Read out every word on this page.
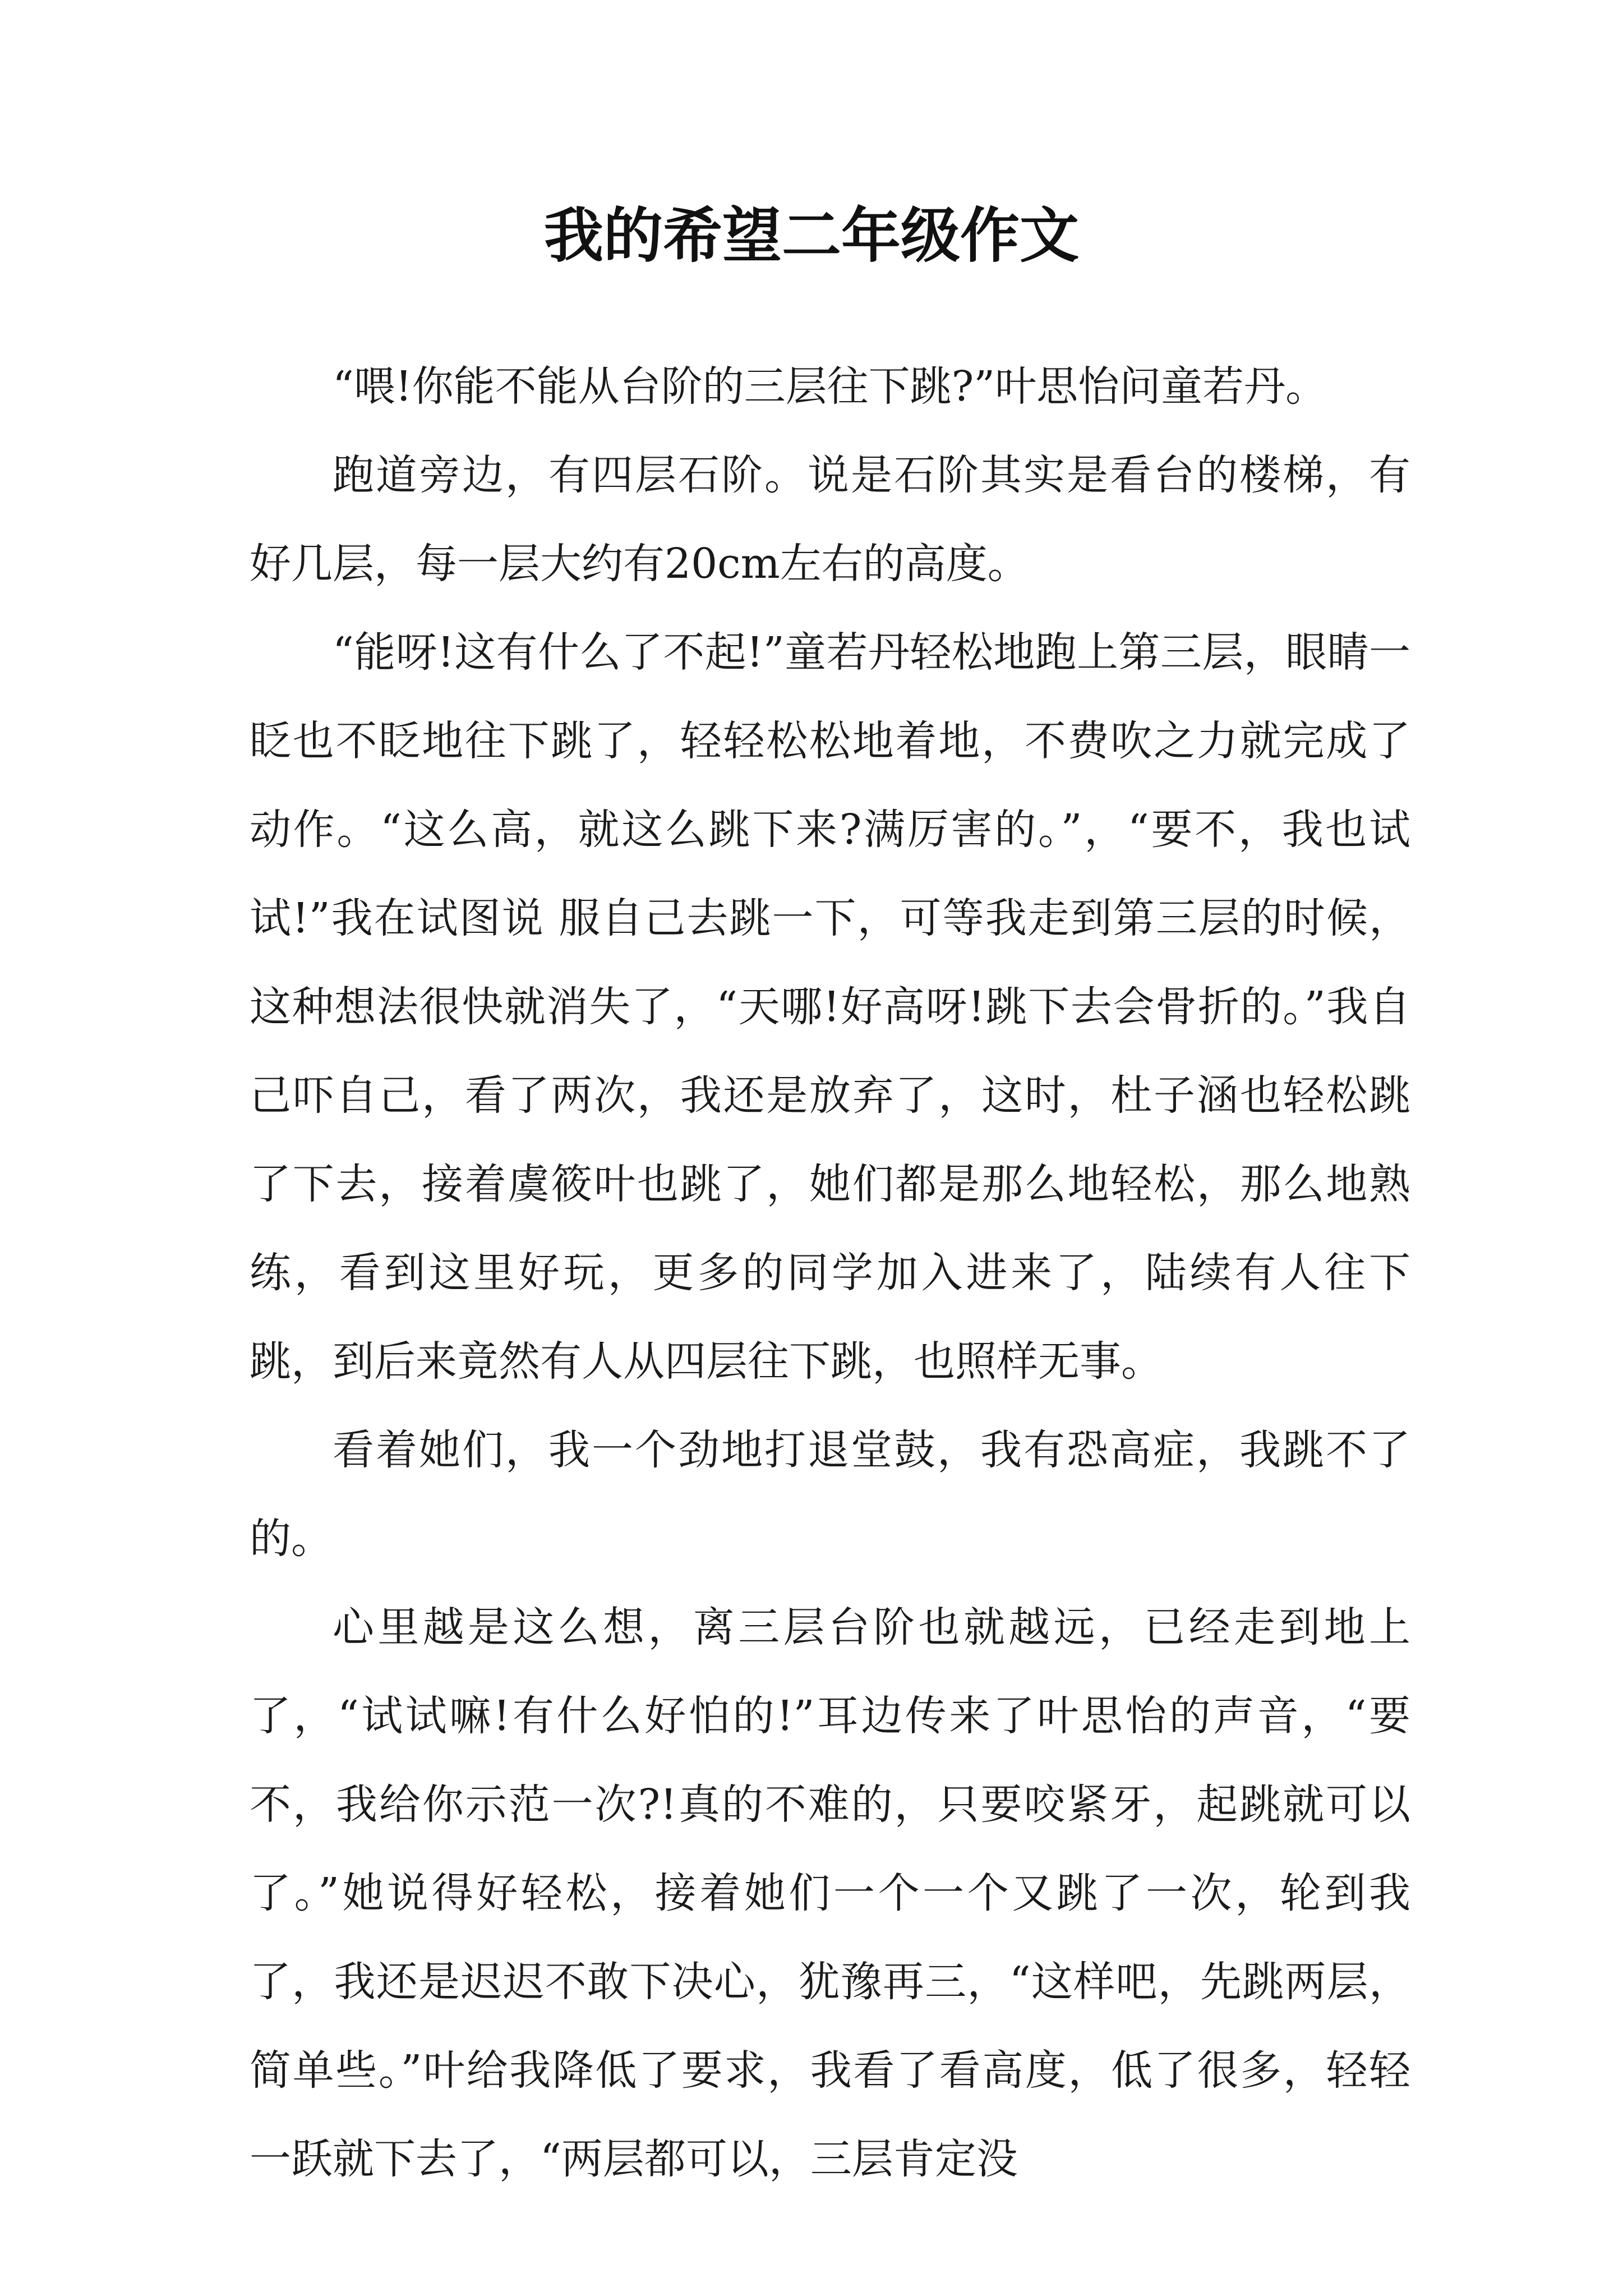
我的希望二年级作文

“喂!你能不能从台阶的三层往下跳?”叶思怡问童若丹。

跑道旁边，有四层石阶。说是石阶其实是看台的楼梯，有好几层，每一层大约有20cm左右的高度。

“能呀!这有什么了不起!”童若丹轻松地跑上第三层，眼睛一眨也不眨地往下跳了，轻轻松松地着地，不费吹之力就完成了动作。“这么高，就这么跳下来?满厉害的。”，“要不，我也试试!”我在试图说 服自己去跳一下，可等我走到第三层的时候，这种想法很快就消失了，“天哪!好高呀!跳下去会骨折的。”我自己吓自己，看了两次，我还是放弃了，这时，杜子涵也轻松跳了下去，接着虞筱叶也跳了，她们都是那么地轻松，那么地熟练，看到这里好玩，更多的同学加入进来了，陆续有人往下跳，到后来竟然有人从四层往下跳，也照样无事。

看着她们，我一个劲地打退堂鼓，我有恐高症，我跳不了的。

心里越是这么想，离三层台阶也就越远，已经走到地上了，“试试嘛!有什么好怕的!”耳边传来了叶思怡的声音，“要不，我给你示范一次?!真的不难的，只要咬紧牙，起跳就可以了。”她说得好轻松，接着她们一个一个又跳了一次，轮到我了，我还是迟迟不敢下决心，犹豫再三，“这样吧，先跳两层，简单些。”叶给我降低了要求，我看了看高度，低了很多，轻轻一跃就下去了，“两层都可以，三层肯定没
